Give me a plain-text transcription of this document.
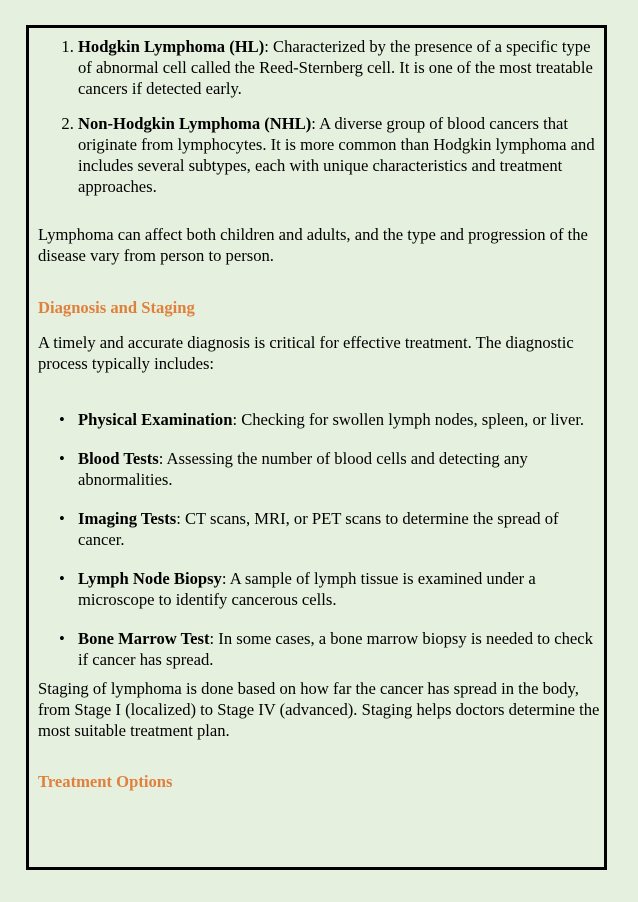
1. Hodgkin Lymphoma (HL): Characterized by the presence of a specific type of abnormal cell called the Reed-Sternberg cell. It is one of the most treatable cancers if detected early.
2. Non-Hodgkin Lymphoma (NHL): A diverse group of blood cancers that originate from lymphocytes. It is more common than Hodgkin lymphoma and includes several subtypes, each with unique characteristics and treatment approaches.

Lymphoma can affect both children and adults, and the type and progression of the disease vary from person to person.

Diagnosis and Staging

A timely and accurate diagnosis is critical for effective treatment. The diagnostic process typically includes:

• Physical Examination: Checking for swollen lymph nodes, spleen, or liver.
• Blood Tests: Assessing the number of blood cells and detecting any abnormalities.
• Imaging Tests: CT scans, MRI, or PET scans to determine the spread of cancer.
• Lymph Node Biopsy: A sample of lymph tissue is examined under a microscope to identify cancerous cells.
• Bone Marrow Test: In some cases, a bone marrow biopsy is needed to check if cancer has spread.

Staging of lymphoma is done based on how far the cancer has spread in the body, from Stage I (localized) to Stage IV (advanced). Staging helps doctors determine the most suitable treatment plan.

Treatment Options
